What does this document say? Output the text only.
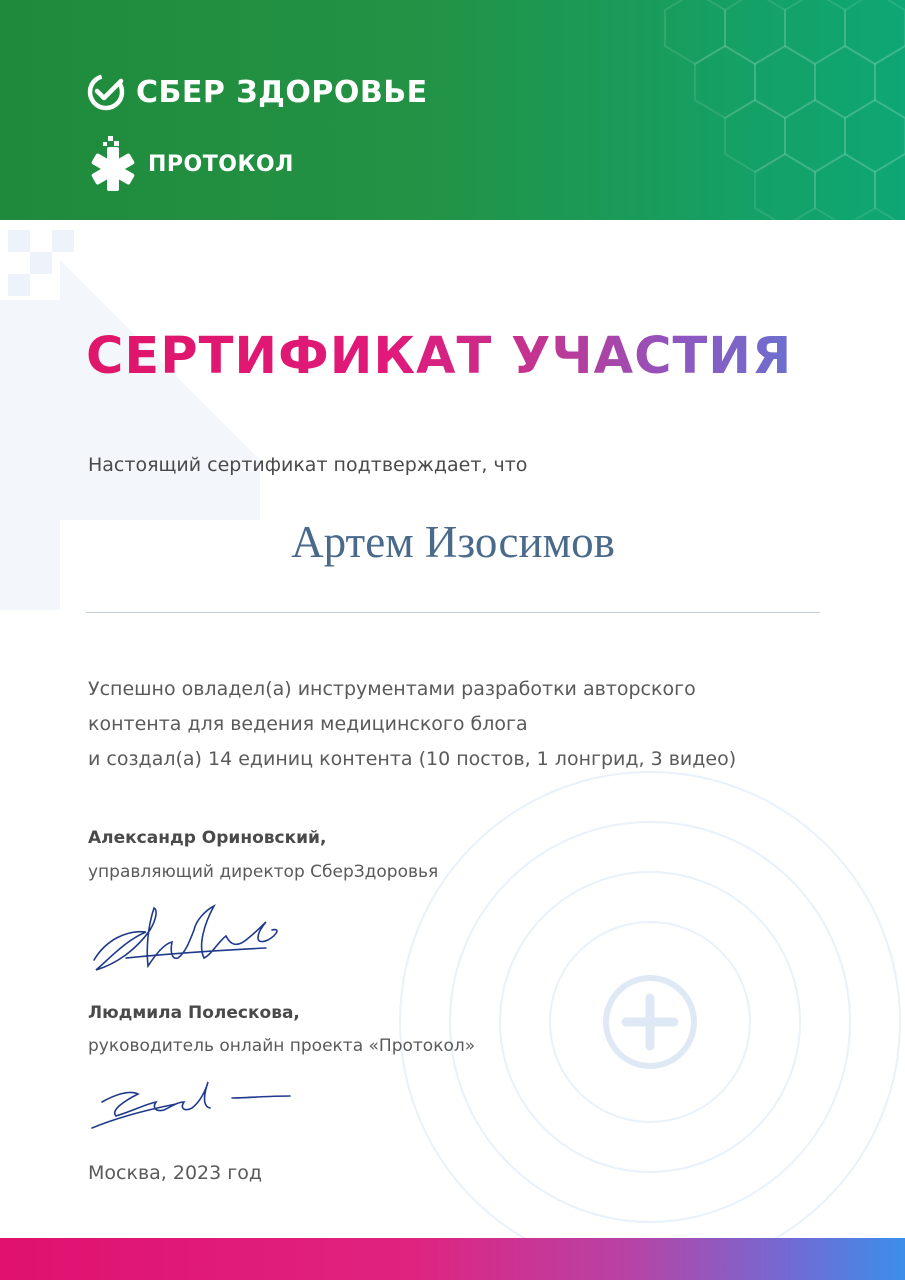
СБЕР ЗДОРОВЬЕ
ПРОТОКОЛ
СЕРТИФИКАТ УЧАСТИЯ
Настоящий сертификат подтверждает, что
Артем Изосимов
Успешно овладел(а) инструментами разработки авторского
контента для ведения медицинского блога
и создал(а) 14 единиц контента (10 постов, 1 лонгрид, 3 видео)
Александр Ориновский,
управляющий директор СберЗдоровья
Людмила Полескова,
руководитель онлайн проекта «Протокол»
Москва, 2023 год
